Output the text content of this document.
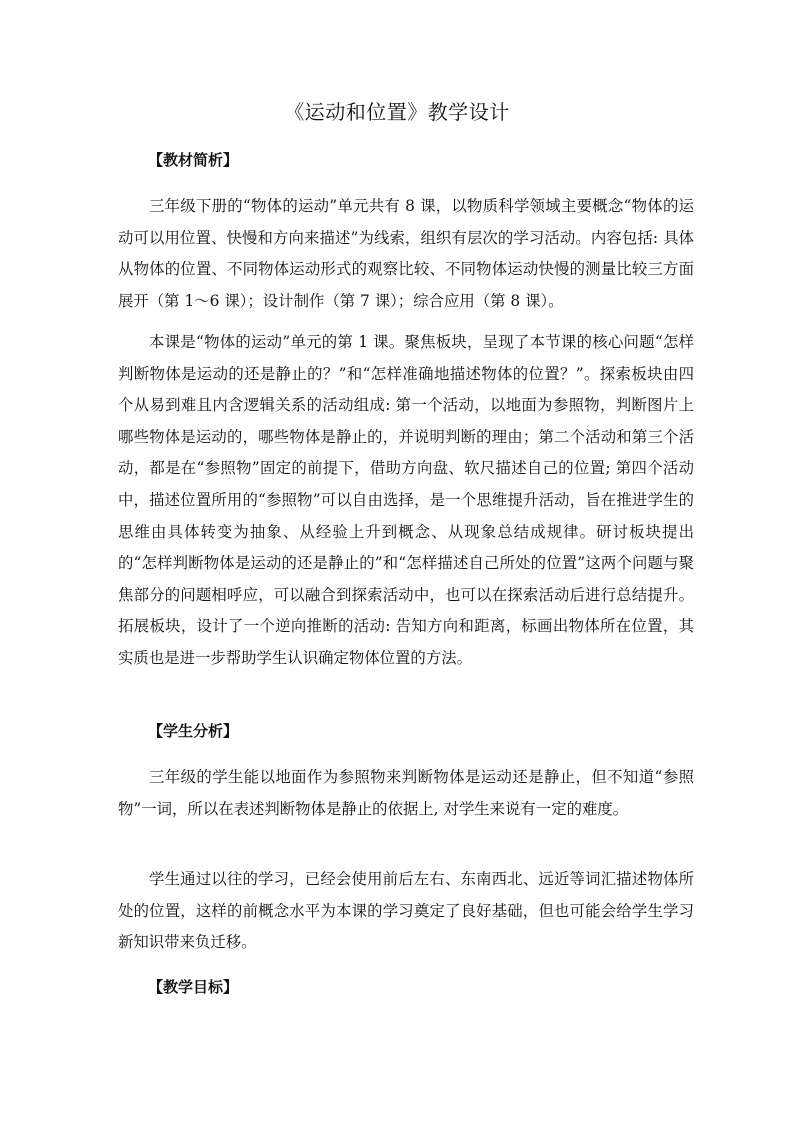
《运动和位置》教学设计
【教材简析】

三年级下册的“物体的运动”单元共有 8 课，以物质科学领域主要概念“物体的运动可以用位置、快慢和方向来描述”为线索，组织有层次的学习活动。内容包括: 具体从物体的位置、不同物体运动形式的观察比较、不同物体运动快慢的测量比较三方面展开（第 1～6 课）；设计制作（第 7 课）；综合应用（第 8 课）。

本课是“物体的运动”单元的第 1 课。聚焦板块，呈现了本节课的核心问题“怎样判断物体是运动的还是静止的？”和“怎样准确地描述物体的位置？”。探索板块由四个从易到难且内含逻辑关系的活动组成: 第一个活动，以地面为参照物，判断图片上哪些物体是运动的，哪些物体是静止的，并说明判断的理由；第二个活动和第三个活动，都是在“参照物”固定的前提下，借助方向盘、软尺描述自己的位置; 第四个活动中，描述位置所用的“参照物”可以自由选择，是一个思维提升活动，旨在推进学生的思维由具体转变为抽象、从经验上升到概念、从现象总结成规律。研讨板块提出的“怎样判断物体是运动的还是静止的”和“怎样描述自己所处的位置”这两个问题与聚焦部分的问题相呼应，可以融合到探索活动中，也可以在探索活动后进行总结提升。拓展板块，设计了一个逆向推断的活动: 告知方向和距离，标画出物体所在位置，其实质也是进一步帮助学生认识确定物体位置的方法。

【学生分析】

三年级的学生能以地面作为参照物来判断物体是运动还是静止，但不知道“参照物”一词，所以在表述判断物体是静止的依据上, 对学生来说有一定的难度。

学生通过以往的学习，已经会使用前后左右、东南西北、远近等词汇描述物体所处的位置，这样的前概念水平为本课的学习奠定了良好基础，但也可能会给学生学习新知识带来负迁移。

【教学目标】
